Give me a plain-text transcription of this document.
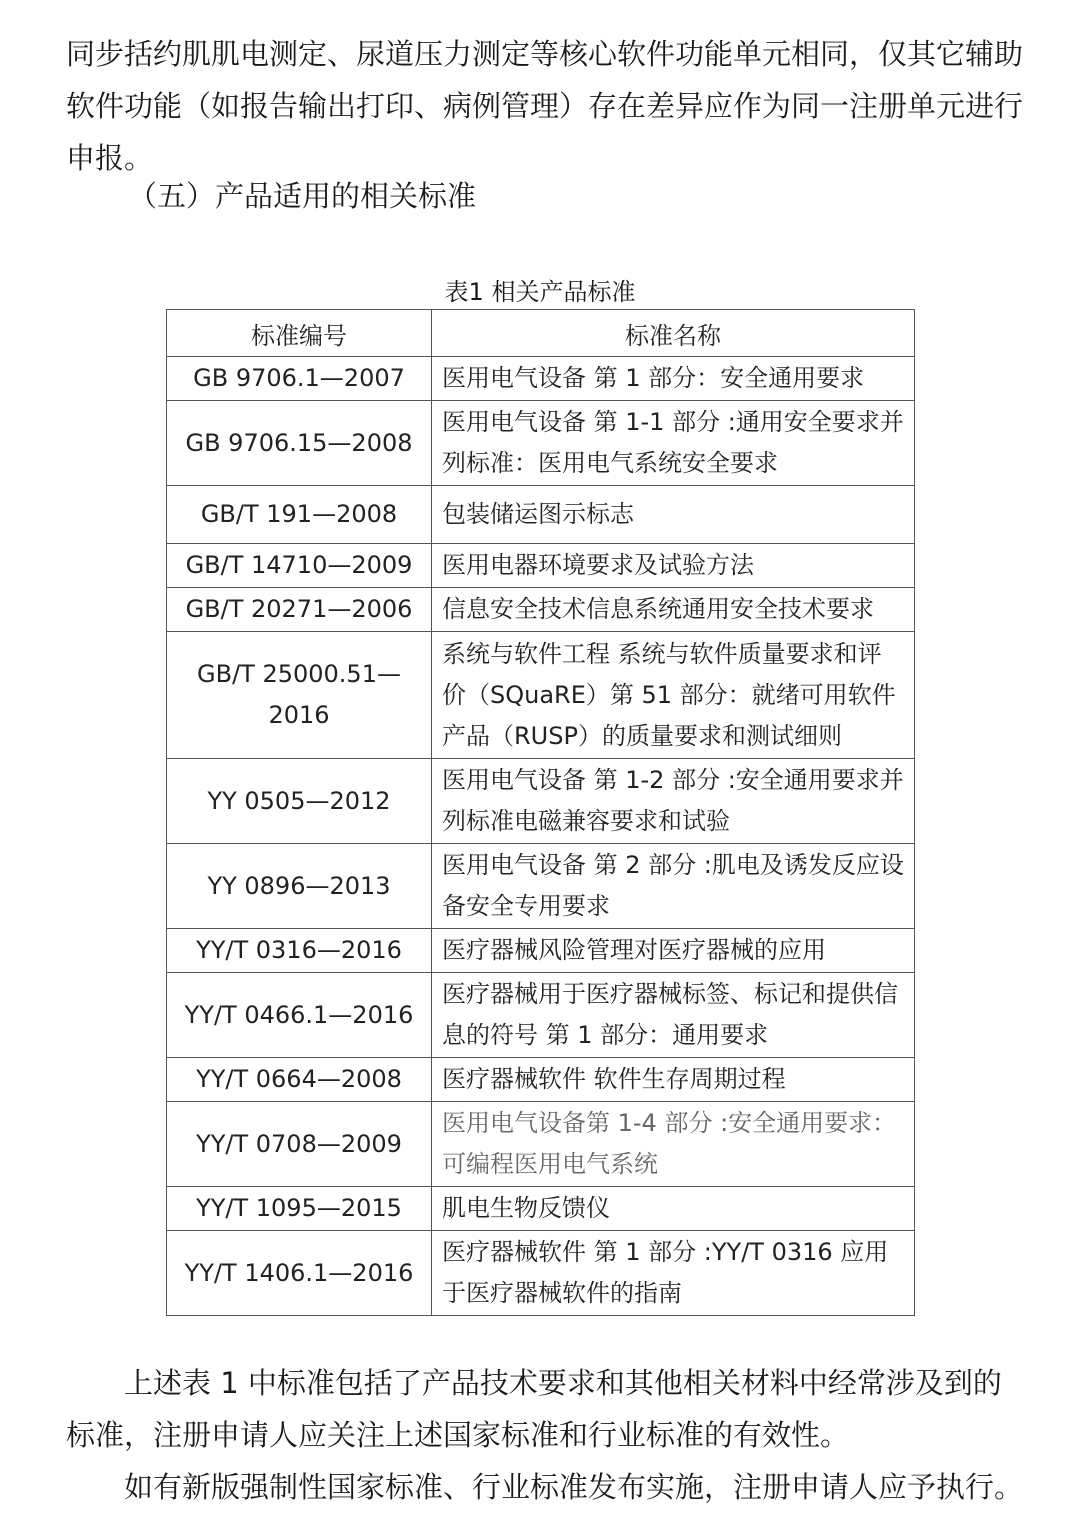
同步括约肌肌电测定、尿道压力测定等核心软件功能单元相同，仅其它辅助软件功能（如报告输出打印、病例管理）存在差异应作为同一注册单元进行申报。
（五）产品适用的相关标准
表1 相关产品标准
标准编号	标准名称
GB 9706.1—2007	医用电气设备 第 1 部分：安全通用要求
GB 9706.15—2008	医用电气设备 第 1-1 部分 :通用安全要求并列标准：医用电气系统安全要求
GB/T 191—2008	包装储运图示标志
GB/T 14710—2009	医用电器环境要求及试验方法
GB/T 20271—2006	信息安全技术信息系统通用安全技术要求
GB/T 25000.51—2016	系统与软件工程 系统与软件质量要求和评价（SQuaRE）第 51 部分：就绪可用软件产品（RUSP）的质量要求和测试细则
YY 0505—2012	医用电气设备 第 1-2 部分 :安全通用要求并列标准电磁兼容要求和试验
YY 0896—2013	医用电气设备 第 2 部分 :肌电及诱发反应设备安全专用要求
YY/T 0316—2016	医疗器械风险管理对医疗器械的应用
YY/T 0466.1—2016	医疗器械用于医疗器械标签、标记和提供信息的符号 第 1 部分：通用要求
YY/T 0664—2008	医疗器械软件 软件生存周期过程
YY/T 0708—2009	医用电气设备第 1-4 部分 :安全通用要求：可编程医用电气系统
YY/T 1095—2015	肌电生物反馈仪
YY/T 1406.1—2016	医疗器械软件 第 1 部分 :YY/T 0316 应用于医疗器械软件的指南
上述表 1 中标准包括了产品技术要求和其他相关材料中经常涉及到的标准，注册申请人应关注上述国家标准和行业标准的有效性。
如有新版强制性国家标准、行业标准发布实施，注册申请人应予执行。
